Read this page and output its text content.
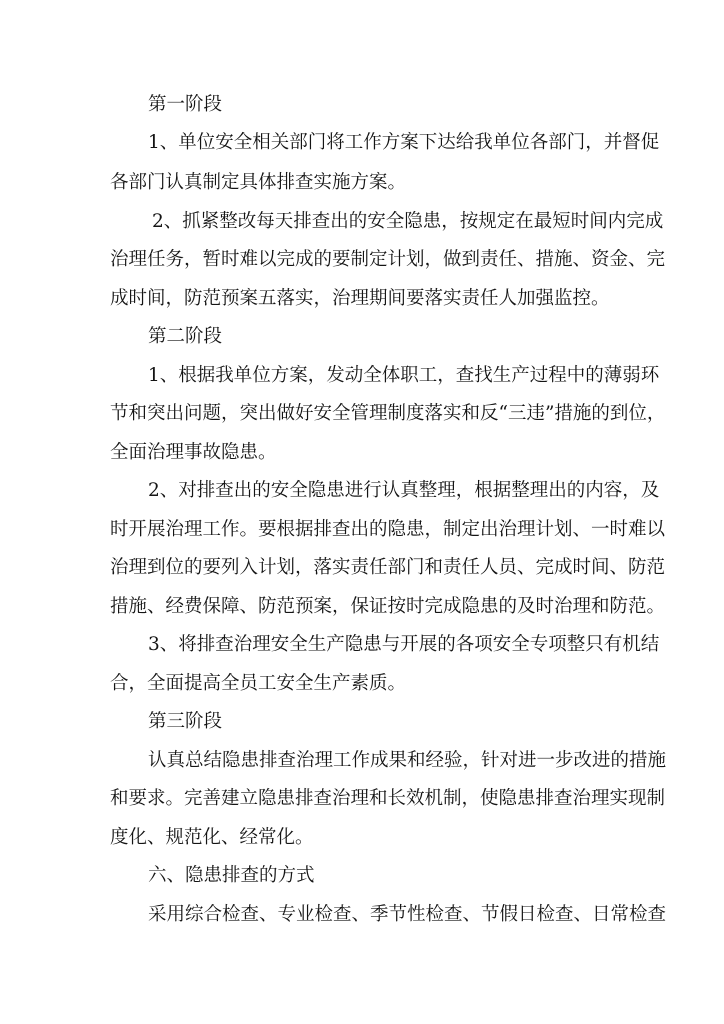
第一阶段
1、单位安全相关部门将工作方案下达给我单位各部门，并督促
各部门认真制定具体排查实施方案。
2、抓紧整改每天排查出的安全隐患，按规定在最短时间内完成
治理任务，暂时难以完成的要制定计划，做到责任、措施、资金、完
成时间，防范预案五落实，治理期间要落实责任人加强监控。
第二阶段
1、根据我单位方案，发动全体职工，查找生产过程中的薄弱环
节和突出问题，突出做好安全管理制度落实和反“三违”措施的到位，
全面治理事故隐患。
2、对排查出的安全隐患进行认真整理，根据整理出的内容，及
时开展治理工作。要根据排查出的隐患，制定出治理计划、一时难以
治理到位的要列入计划，落实责任部门和责任人员、完成时间、防范
措施、经费保障、防范预案，保证按时完成隐患的及时治理和防范。
3、将排查治理安全生产隐患与开展的各项安全专项整只有机结
合，全面提高全员工安全生产素质。
第三阶段
认真总结隐患排查治理工作成果和经验，针对进一步改进的措施
和要求。完善建立隐患排查治理和长效机制，使隐患排查治理实现制
度化、规范化、经常化。
六、隐患排查的方式
采用综合检查、专业检查、季节性检查、节假日检查、日常检查
